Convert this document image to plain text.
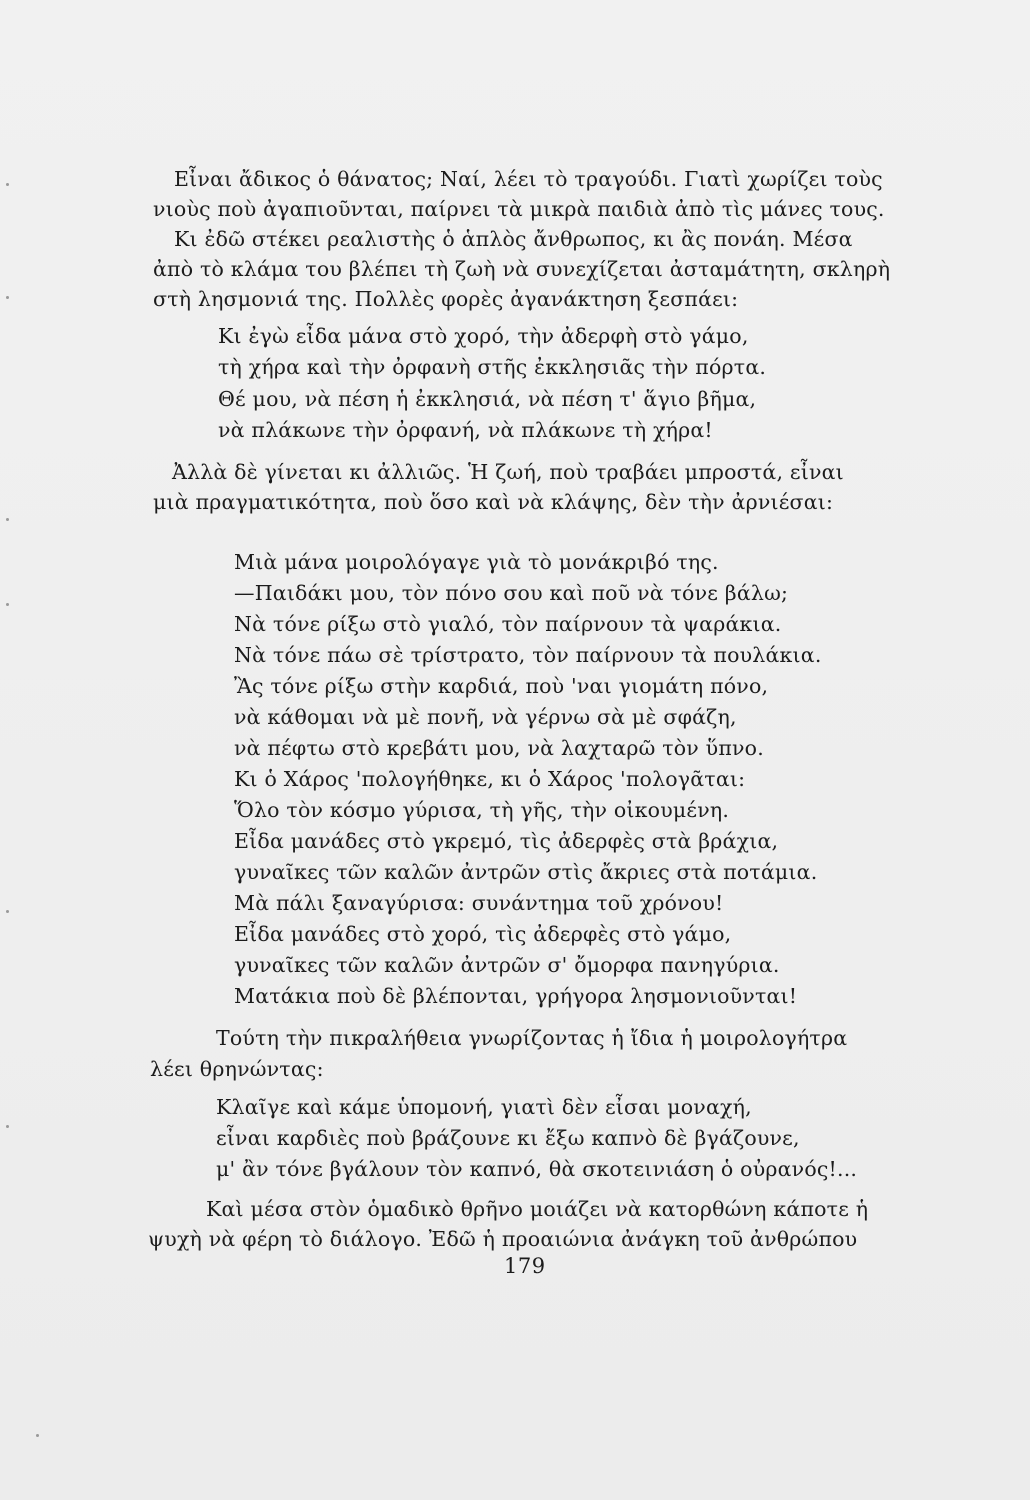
Εἶναι ἄδικος ὁ θάνατος; Ναί, λέει τὸ τραγούδι. Γιατὶ χωρίζει τοὺς
νιοὺς ποὺ ἀγαπιοῦνται, παίρνει τὰ μικρὰ παιδιὰ ἀπὸ τὶς μάνες τους.
Κι ἐδῶ στέκει ρεαλιστὴς ὁ ἁπλὸς ἄνθρωπος, κι ἂς πονάη. Μέσα
ἀπὸ τὸ κλάμα του βλέπει τὴ ζωὴ νὰ συνεχίζεται ἀσταμάτητη, σκληρὴ
στὴ λησμονιά της. Πολλὲς φορὲς ἀγανάκτηση ξεσπάει:
Κι ἐγὼ εἶδα μάνα στὸ χορό, τὴν ἀδερφὴ στὸ γάμο,
τὴ χήρα καὶ τὴν ὀρφανὴ στῆς ἐκκλησιᾶς τὴν πόρτα.
Θέ μου, νὰ πέση ἡ ἐκκλησιά, νὰ πέση τ' ἅγιο βῆμα,
νὰ πλάκωνε τὴν ὀρφανή, νὰ πλάκωνε τὴ χήρα!
Ἀλλὰ δὲ γίνεται κι ἀλλιῶς. Ἡ ζωή, ποὺ τραβάει μπροστά, εἶναι
μιὰ πραγματικότητα, ποὺ ὅσο καὶ νὰ κλάψης, δὲν τὴν ἀρνιέσαι:
Μιὰ μάνα μοιρολόγαγε γιὰ τὸ μονάκριβό της.
—Παιδάκι μου, τὸν πόνο σου καὶ ποῦ νὰ τόνε βάλω;
Νὰ τόνε ρίξω στὸ γιαλό, τὸν παίρνουν τὰ ψαράκια.
Νὰ τόνε πάω σὲ τρίστρατο, τὸν παίρνουν τὰ πουλάκια.
Ἂς τόνε ρίξω στὴν καρδιά, ποὺ 'ναι γιομάτη πόνο,
νὰ κάθομαι νὰ μὲ πονῆ, νὰ γέρνω σὰ μὲ σφάζη,
νὰ πέφτω στὸ κρεβάτι μου, νὰ λαχταρῶ τὸν ὕπνο.
Κι ὁ Χάρος 'πολογήθηκε, κι ὁ Χάρος 'πολογᾶται:
Ὅλο τὸν κόσμο γύρισα, τὴ γῆς, τὴν οἰκουμένη.
Εἶδα μανάδες στὸ γκρεμό, τὶς ἀδερφὲς στὰ βράχια,
γυναῖκες τῶν καλῶν ἀντρῶν στὶς ἄκριες στὰ ποτάμια.
Μὰ πάλι ξαναγύρισα: συνάντημα τοῦ χρόνου!
Εἶδα μανάδες στὸ χορό, τὶς ἀδερφὲς στὸ γάμο,
γυναῖκες τῶν καλῶν ἀντρῶν σ' ὄμορφα πανηγύρια.
Ματάκια ποὺ δὲ βλέπονται, γρήγορα λησμονιοῦνται!
Τούτη τὴν πικραλήθεια γνωρίζοντας ἡ ἴδια ἡ μοιρολογήτρα
λέει θρηνώντας:
Κλαῖγε καὶ κάμε ὑπομονή, γιατὶ δὲν εἶσαι μοναχή,
εἶναι καρδιὲς ποὺ βράζουνε κι ἔξω καπνὸ δὲ βγάζουνε,
μ' ἂν τόνε βγάλουν τὸν καπνό, θὰ σκοτεινιάση ὁ οὐρανός!...
Καὶ μέσα στὸν ὁμαδικὸ θρῆνο μοιάζει νὰ κατορθώνη κάποτε ἡ
ψυχὴ νὰ φέρη τὸ διάλογο. Ἐδῶ ἡ προαιώνια ἀνάγκη τοῦ ἀνθρώπου
179
